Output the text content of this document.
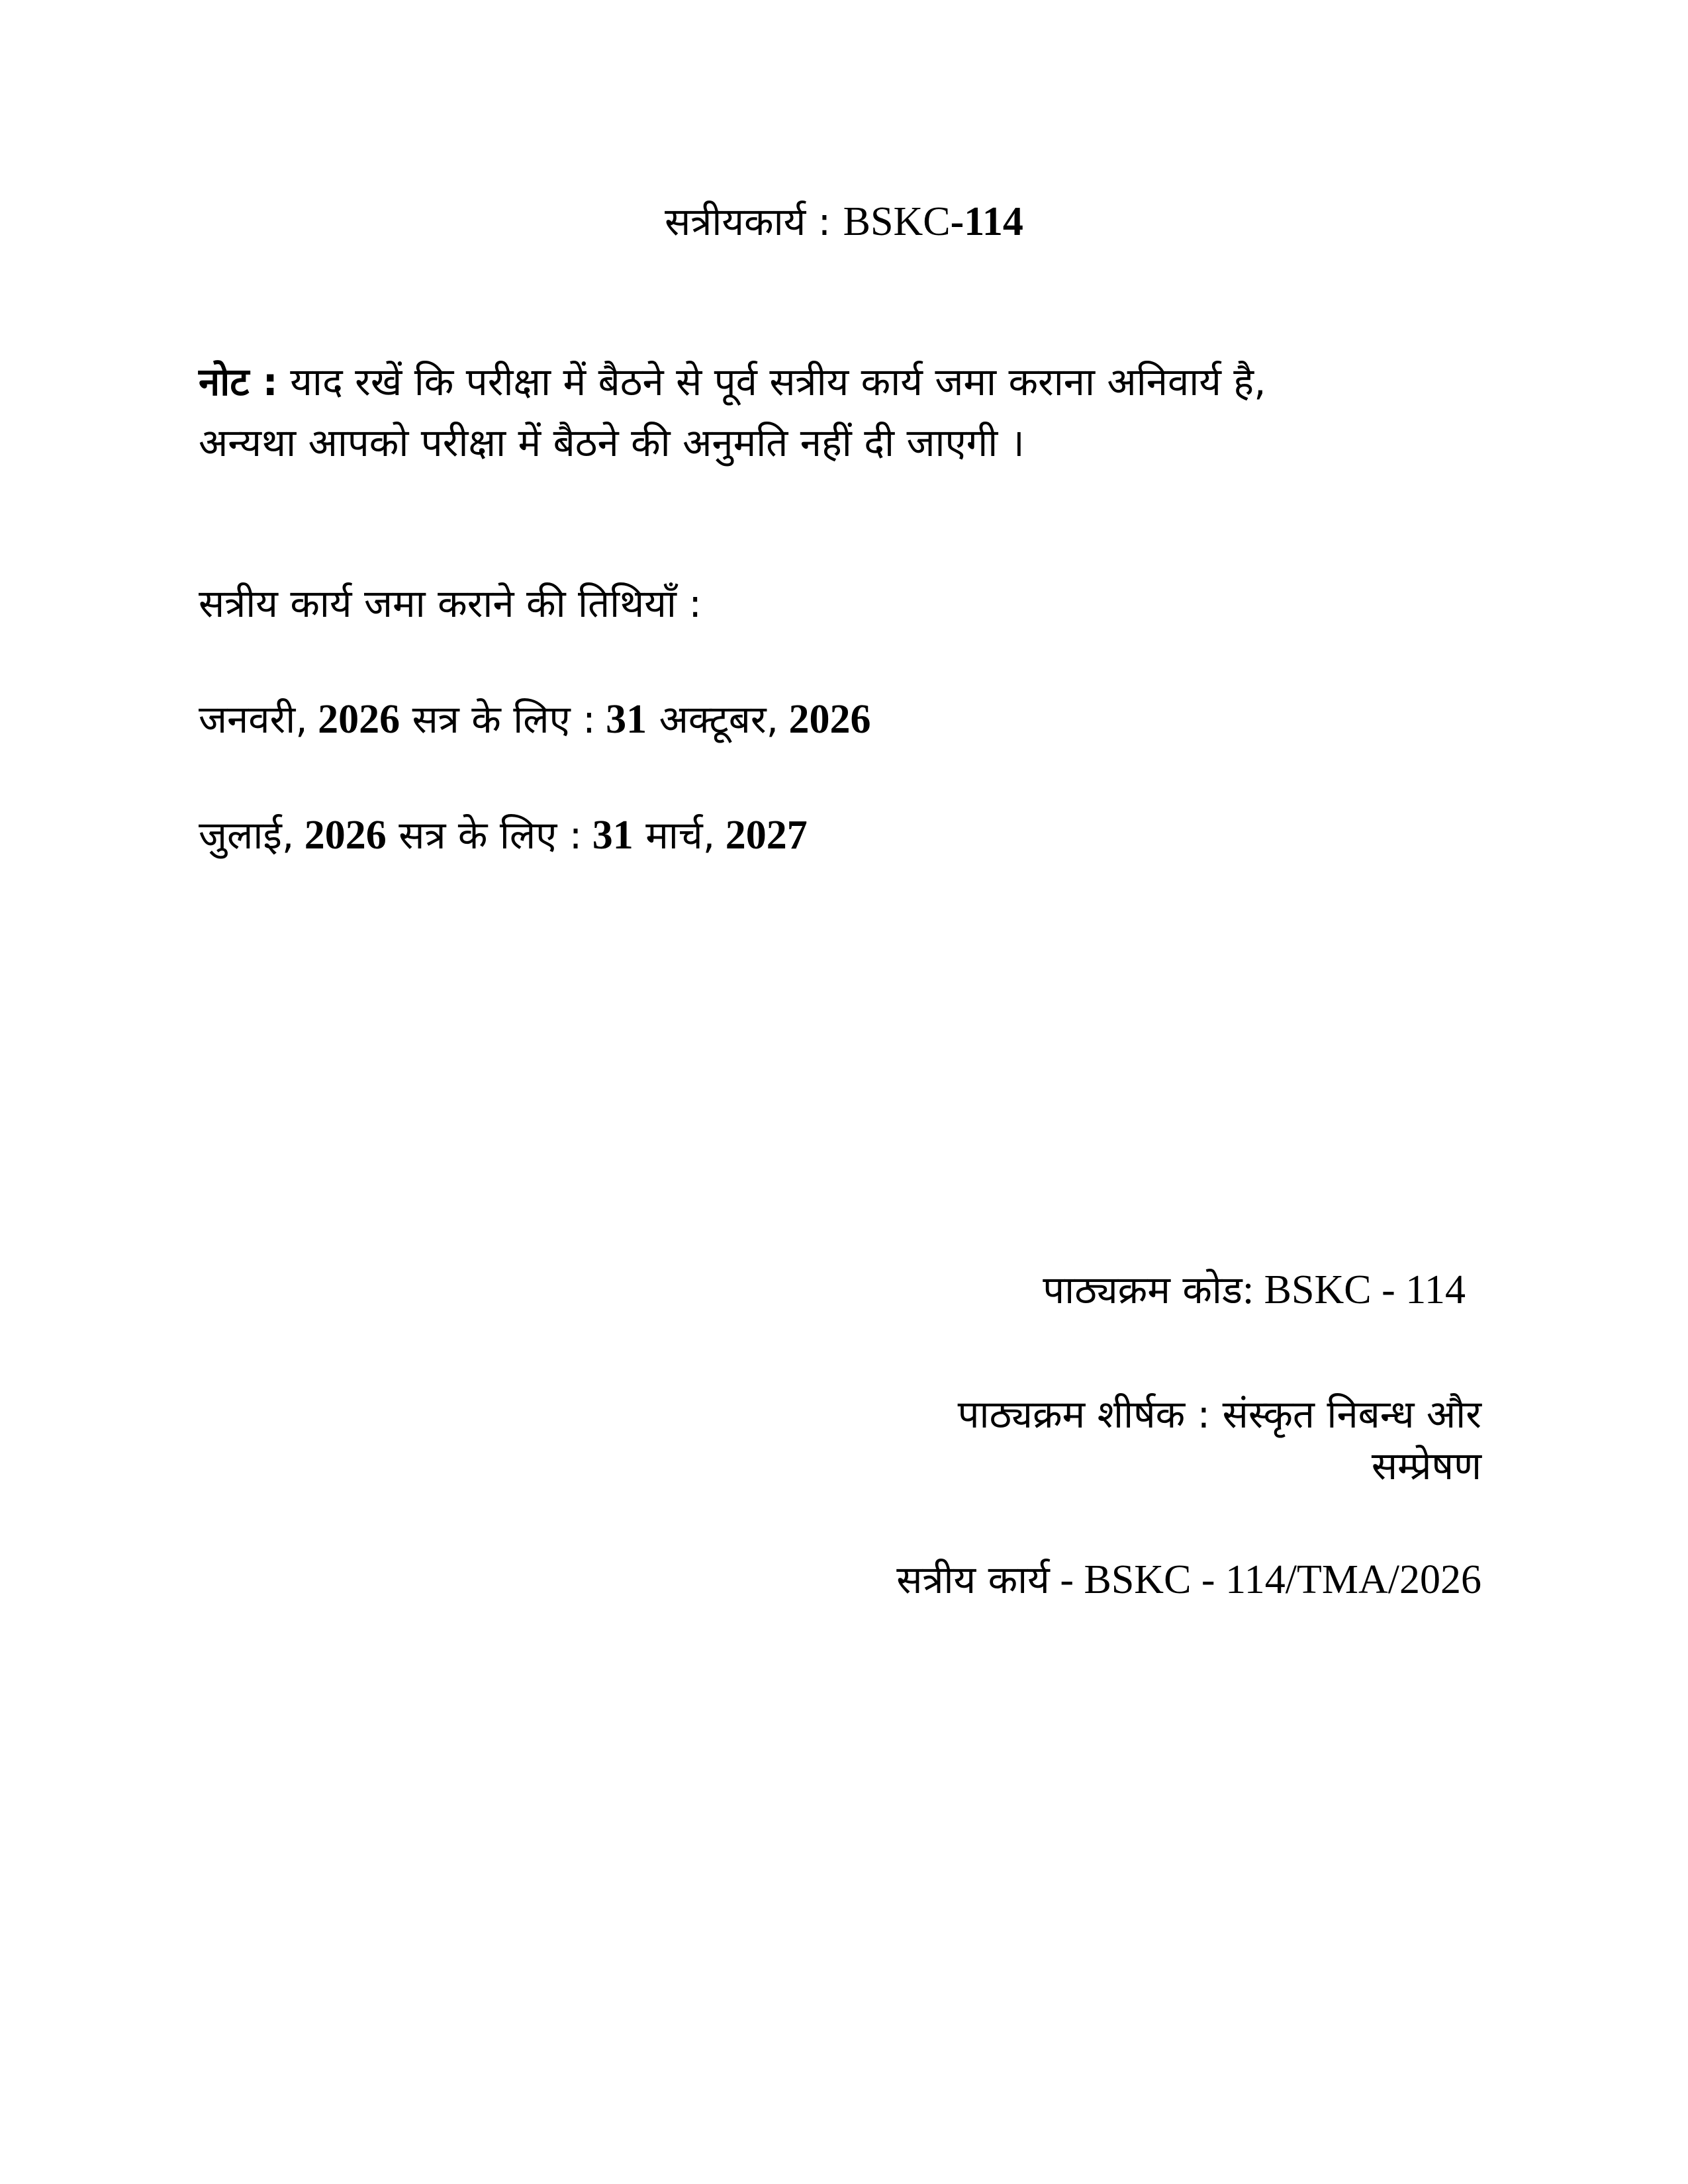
सत्रीयकार्य : BSKC-114
नोट : याद रखें कि परीक्षा में बैठने से पूर्व सत्रीय कार्य जमा कराना अनिवार्य है,
अन्यथा आपको परीक्षा में बैठने की अनुमति नहीं दी जाएगी ।
सत्रीय कार्य जमा कराने की तिथियाँ :
जनवरी, 2026 सत्र के लिए : 31 अक्टूबर, 2026
जुलाई, 2026 सत्र के लिए : 31 मार्च, 2027
पाठ्यक्रम कोड: BSKC - 114
पाठ्यक्रम शीर्षक : संस्कृत निबन्ध और
सम्प्रेषण
सत्रीय कार्य - BSKC - 114/TMA/2026
